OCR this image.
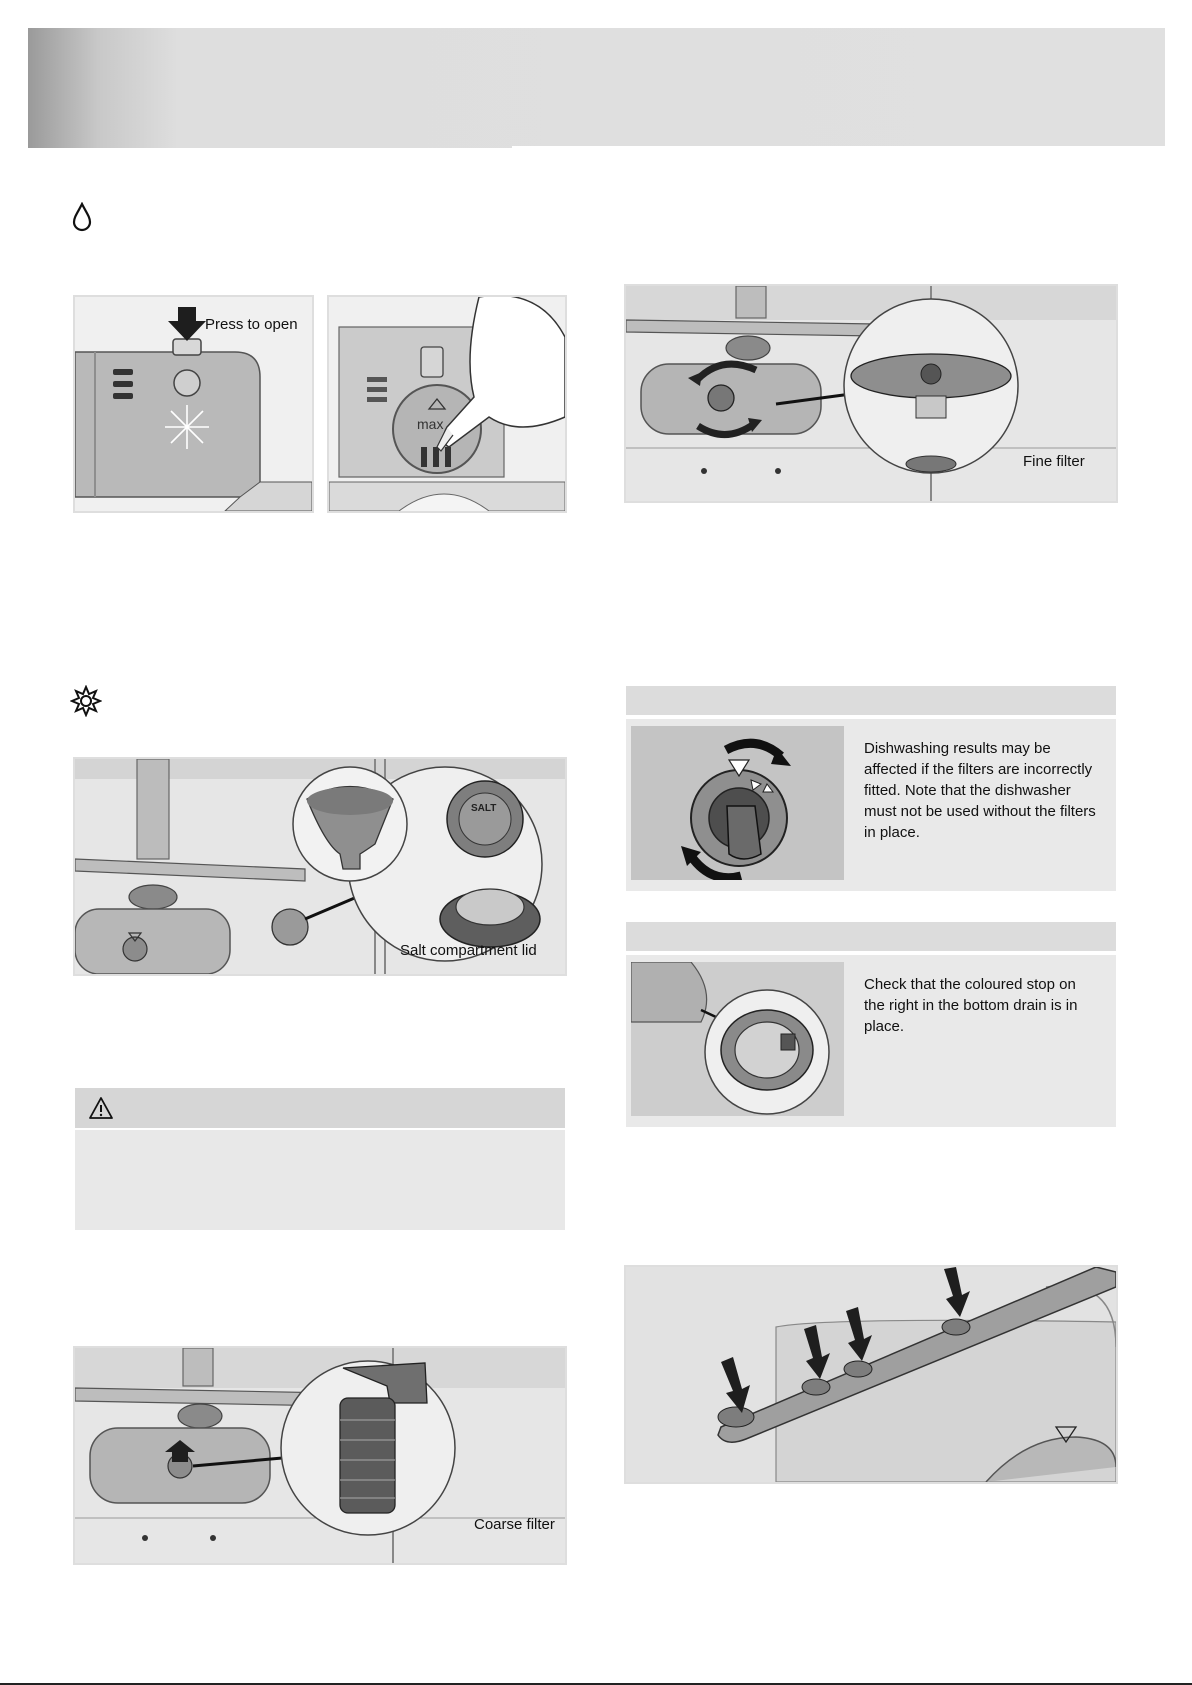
Press to open
max
SALT
Salt compartment lid
Coarse filter
Fine filter
Dishwashing results may be affected if the filters are incorrectly fitted. Note that the dishwasher must not be used without the filters in place.
Check that the coloured stop on the right in the bottom drain is in place.
